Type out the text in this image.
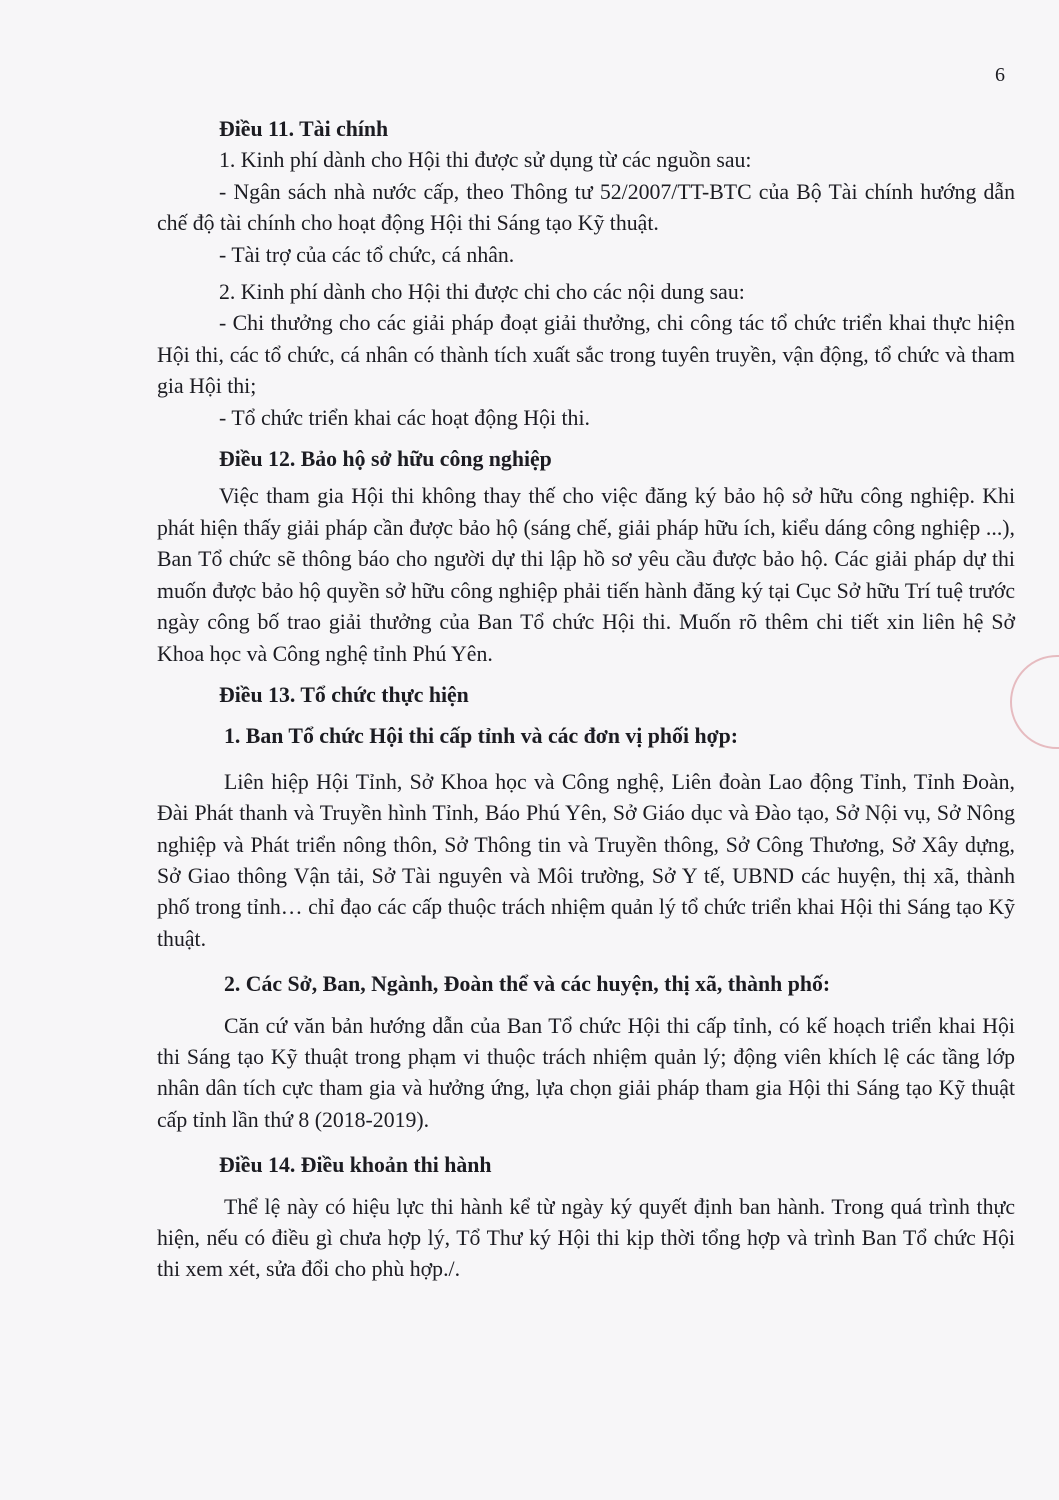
6

Điều 11. Tài chính

1. Kinh phí dành cho Hội thi được sử dụng từ các nguồn sau:

- Ngân sách nhà nước cấp, theo Thông tư 52/2007/TT-BTC của Bộ Tài chính hướng dẫn chế độ tài chính cho hoạt động Hội thi Sáng tạo Kỹ thuật.

- Tài trợ của các tổ chức, cá nhân.

2. Kinh phí dành cho Hội thi được chi cho các nội dung sau:

- Chi thưởng cho các giải pháp đoạt giải thưởng, chi công tác tổ chức triển khai thực hiện Hội thi, các tổ chức, cá nhân có thành tích xuất sắc trong tuyên truyền, vận động, tổ chức và tham gia Hội thi;

- Tổ chức triển khai các hoạt động Hội thi.

Điều 12. Bảo hộ sở hữu công nghiệp

Việc tham gia Hội thi không thay thế cho việc đăng ký bảo hộ sở hữu công nghiệp. Khi phát hiện thấy giải pháp cần được bảo hộ (sáng chế, giải pháp hữu ích, kiểu dáng công nghiệp ...), Ban Tổ chức sẽ thông báo cho người dự thi lập hồ sơ yêu cầu được bảo hộ. Các giải pháp dự thi muốn được bảo hộ quyền sở hữu công nghiệp phải tiến hành đăng ký tại Cục Sở hữu Trí tuệ trước ngày công bố trao giải thưởng của Ban Tổ chức Hội thi. Muốn rõ thêm chi tiết xin liên hệ Sở Khoa học và Công nghệ tỉnh Phú Yên.

Điều 13. Tổ chức thực hiện

1. Ban Tổ chức Hội thi cấp tỉnh và các đơn vị phối hợp:

Liên hiệp Hội Tỉnh, Sở Khoa học và Công nghệ, Liên đoàn Lao động Tỉnh, Tỉnh Đoàn, Đài Phát thanh và Truyền hình Tỉnh, Báo Phú Yên, Sở Giáo dục và Đào tạo, Sở Nội vụ, Sở Nông nghiệp và Phát triển nông thôn, Sở Thông tin và Truyền thông, Sở Công Thương, Sở Xây dựng, Sở Giao thông Vận tải, Sở Tài nguyên và Môi trường, Sở Y tế, UBND các huyện, thị xã, thành phố trong tỉnh… chỉ đạo các cấp thuộc trách nhiệm quản lý tổ chức triển khai Hội thi Sáng tạo Kỹ thuật.

2. Các Sở, Ban, Ngành, Đoàn thể và các huyện, thị xã, thành phố:

Căn cứ văn bản hướng dẫn của Ban Tổ chức Hội thi cấp tỉnh, có kế hoạch triển khai Hội thi Sáng tạo Kỹ thuật trong phạm vi thuộc trách nhiệm quản lý; động viên khích lệ các tầng lớp nhân dân tích cực tham gia và hưởng ứng, lựa chọn giải pháp tham gia Hội thi Sáng tạo Kỹ thuật cấp tỉnh lần thứ 8 (2018-2019).

Điều 14. Điều khoản thi hành

Thể lệ này có hiệu lực thi hành kể từ ngày ký quyết định ban hành. Trong quá trình thực hiện, nếu có điều gì chưa hợp lý, Tổ Thư ký Hội thi kịp thời tổng hợp và trình Ban Tổ chức Hội thi xem xét, sửa đổi cho phù hợp./.
